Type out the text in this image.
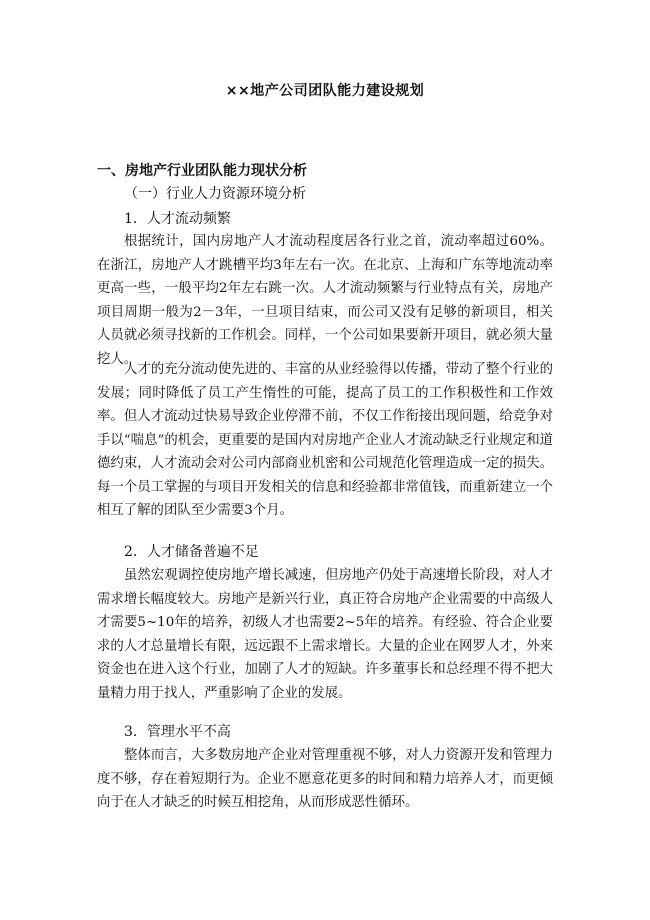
××地产公司团队能力建设规划
一、房地产行业团队能力现状分析
（一）行业人力资源环境分析
1．人才流动频繁

根据统计，国内房地产人才流动程度居各行业之首，流动率超过60%。在浙江，房地产人才跳槽平均3年左右一次。在北京、上海和广东等地流动率更高一些，一般平均2年左右跳一次。人才流动频繁与行业特点有关，房地产项目周期一般为2－3年，一旦项目结束，而公司又没有足够的新项目，相关人员就必须寻找新的工作机会。同样，一个公司如果要新开项目，就必须大量挖人。

人才的充分流动使先进的、丰富的从业经验得以传播，带动了整个行业的发展；同时降低了员工产生惰性的可能，提高了员工的工作积极性和工作效率。但人才流动过快易导致企业停滞不前，不仅工作衔接出现问题，给竞争对手以“喘息”的机会，更重要的是国内对房地产企业人才流动缺乏行业规定和道德约束，人才流动会对公司内部商业机密和公司规范化管理造成一定的损失。每一个员工掌握的与项目开发相关的信息和经验都非常值钱，而重新建立一个相互了解的团队至少需要3个月。

2．人才储备普遍不足

虽然宏观调控使房地产增长减速，但房地产仍处于高速增长阶段，对人才需求增长幅度较大。房地产是新兴行业，真正符合房地产企业需要的中高级人才需要5~10年的培养，初级人才也需要2~5年的培养。有经验、符合企业要求的人才总量增长有限，远远跟不上需求增长。大量的企业在网罗人才，外来资金也在进入这个行业，加剧了人才的短缺。许多董事长和总经理不得不把大量精力用于找人，严重影响了企业的发展。

3．管理水平不高

整体而言，大多数房地产企业对管理重视不够，对人力资源开发和管理力度不够，存在着短期行为。企业不愿意花更多的时间和精力培养人才，而更倾向于在人才缺乏的时候互相挖角，从而形成恶性循环。
